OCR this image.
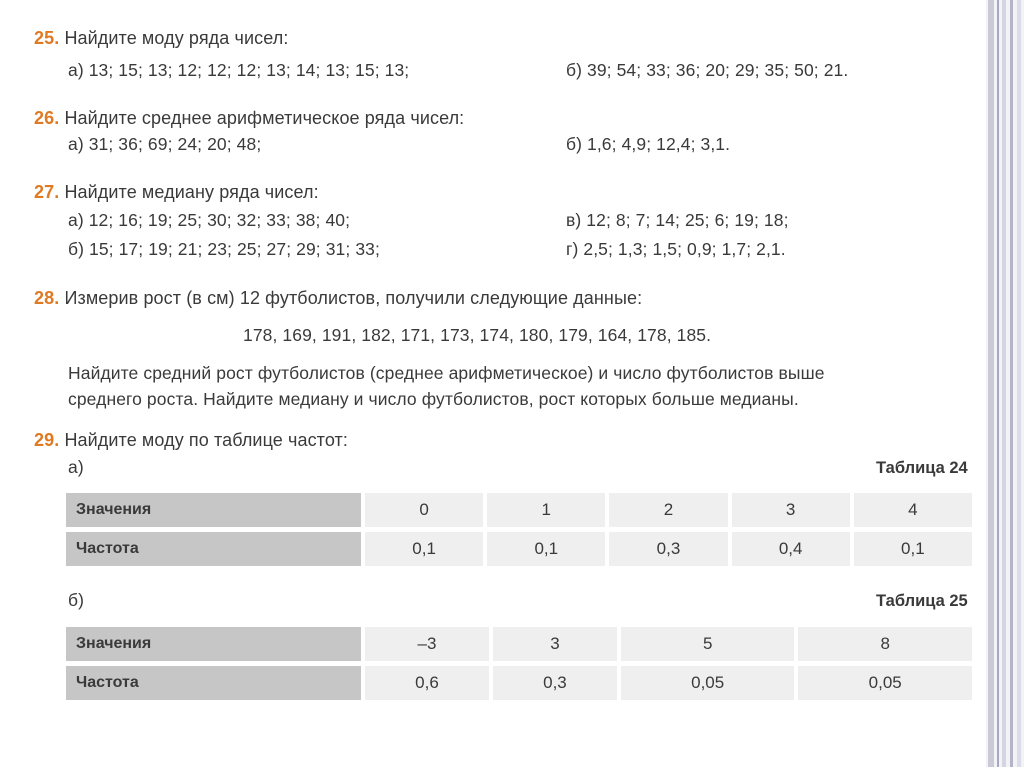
25. Найдите моду ряда чисел:
а) 13; 15; 13; 12; 12; 12; 13; 14; 13; 15; 13;	б) 39; 54; 33; 36; 20; 29; 35; 50; 21.
26. Найдите среднее арифметическое ряда чисел:
а) 31; 36; 69; 24; 20; 48;	б) 1,6; 4,9; 12,4; 3,1.
27. Найдите медиану ряда чисел:
а) 12; 16; 19; 25; 30; 32; 33; 38; 40;	в) 12; 8; 7; 14; 25; 6; 19; 18;
б) 15; 17; 19; 21; 23; 25; 27; 29; 31; 33;	г) 2,5; 1,3; 1,5; 0,9; 1,7; 2,1.
28. Измерив рост (в см) 12 футболистов, получили следующие данные:
178, 169, 191, 182, 171, 173, 174, 180, 179, 164, 178, 185.
Найдите средний рост футболистов (среднее арифметическое) и число футболистов выше
среднего роста. Найдите медиану и число футболистов, рост которых больше медианы.
29. Найдите моду по таблице частот:
а)	Таблица 24
Значения	0	1	2	3	4
Частота	0,1	0,1	0,3	0,4	0,1
б)	Таблица 25
Значения	–3	3	5	8
Частота	0,6	0,3	0,05	0,05
